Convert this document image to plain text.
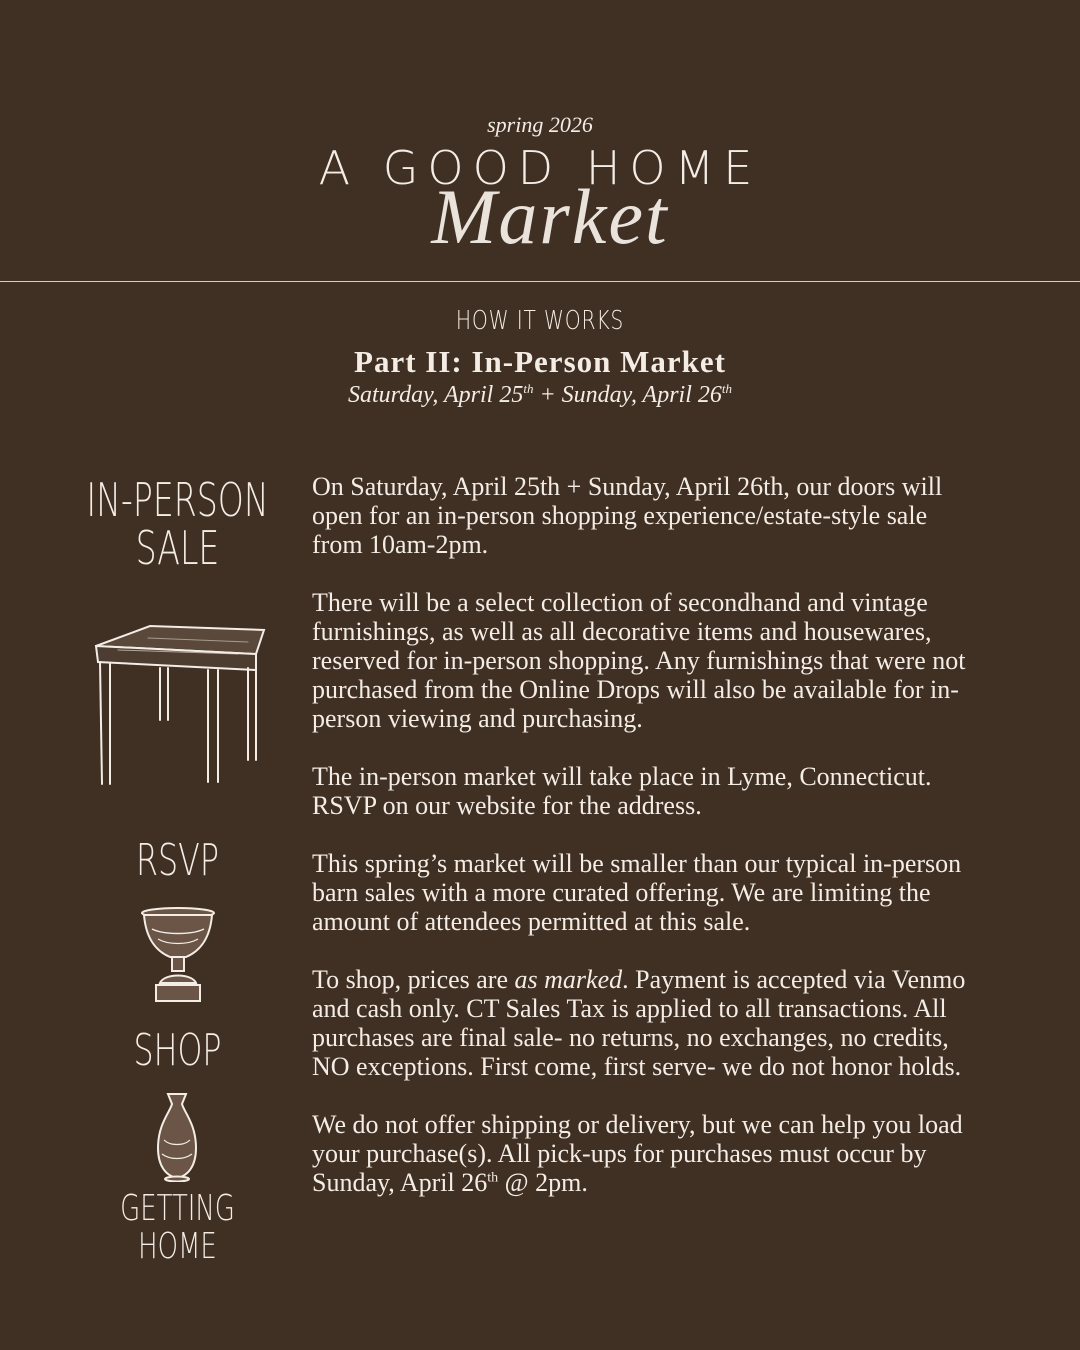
spring 2026
A GOOD HOME
Market
HOW IT WORKS
Part II: In-Person Market
Saturday, April 25th + Sunday, April 26th
IN-PERSON
SALE
RSVP
SHOP
GETTING HOME

On Saturday, April 25th + Sunday, April 26th, our doors will open for an in-person shopping experience/estate-style sale from 10am-2pm.

There will be a select collection of secondhand and vintage furnishings, as well as all decorative items and housewares, reserved for in-person shopping. Any furnishings that were not purchased from the Online Drops will also be available for in-person viewing and purchasing.

The in-person market will take place in Lyme, Connecticut. RSVP on our website for the address.

This spring’s market will be smaller than our typical in-person barn sales with a more curated offering. We are limiting the amount of attendees permitted at this sale.

To shop, prices are as marked. Payment is accepted via Venmo and cash only. CT Sales Tax is applied to all transactions. All purchases are final sale- no returns, no exchanges, no credits, NO exceptions. First come, first serve- we do not honor holds.

We do not offer shipping or delivery, but we can help you load your purchase(s). All pick-ups for purchases must occur by Sunday, April 26th @ 2pm.
